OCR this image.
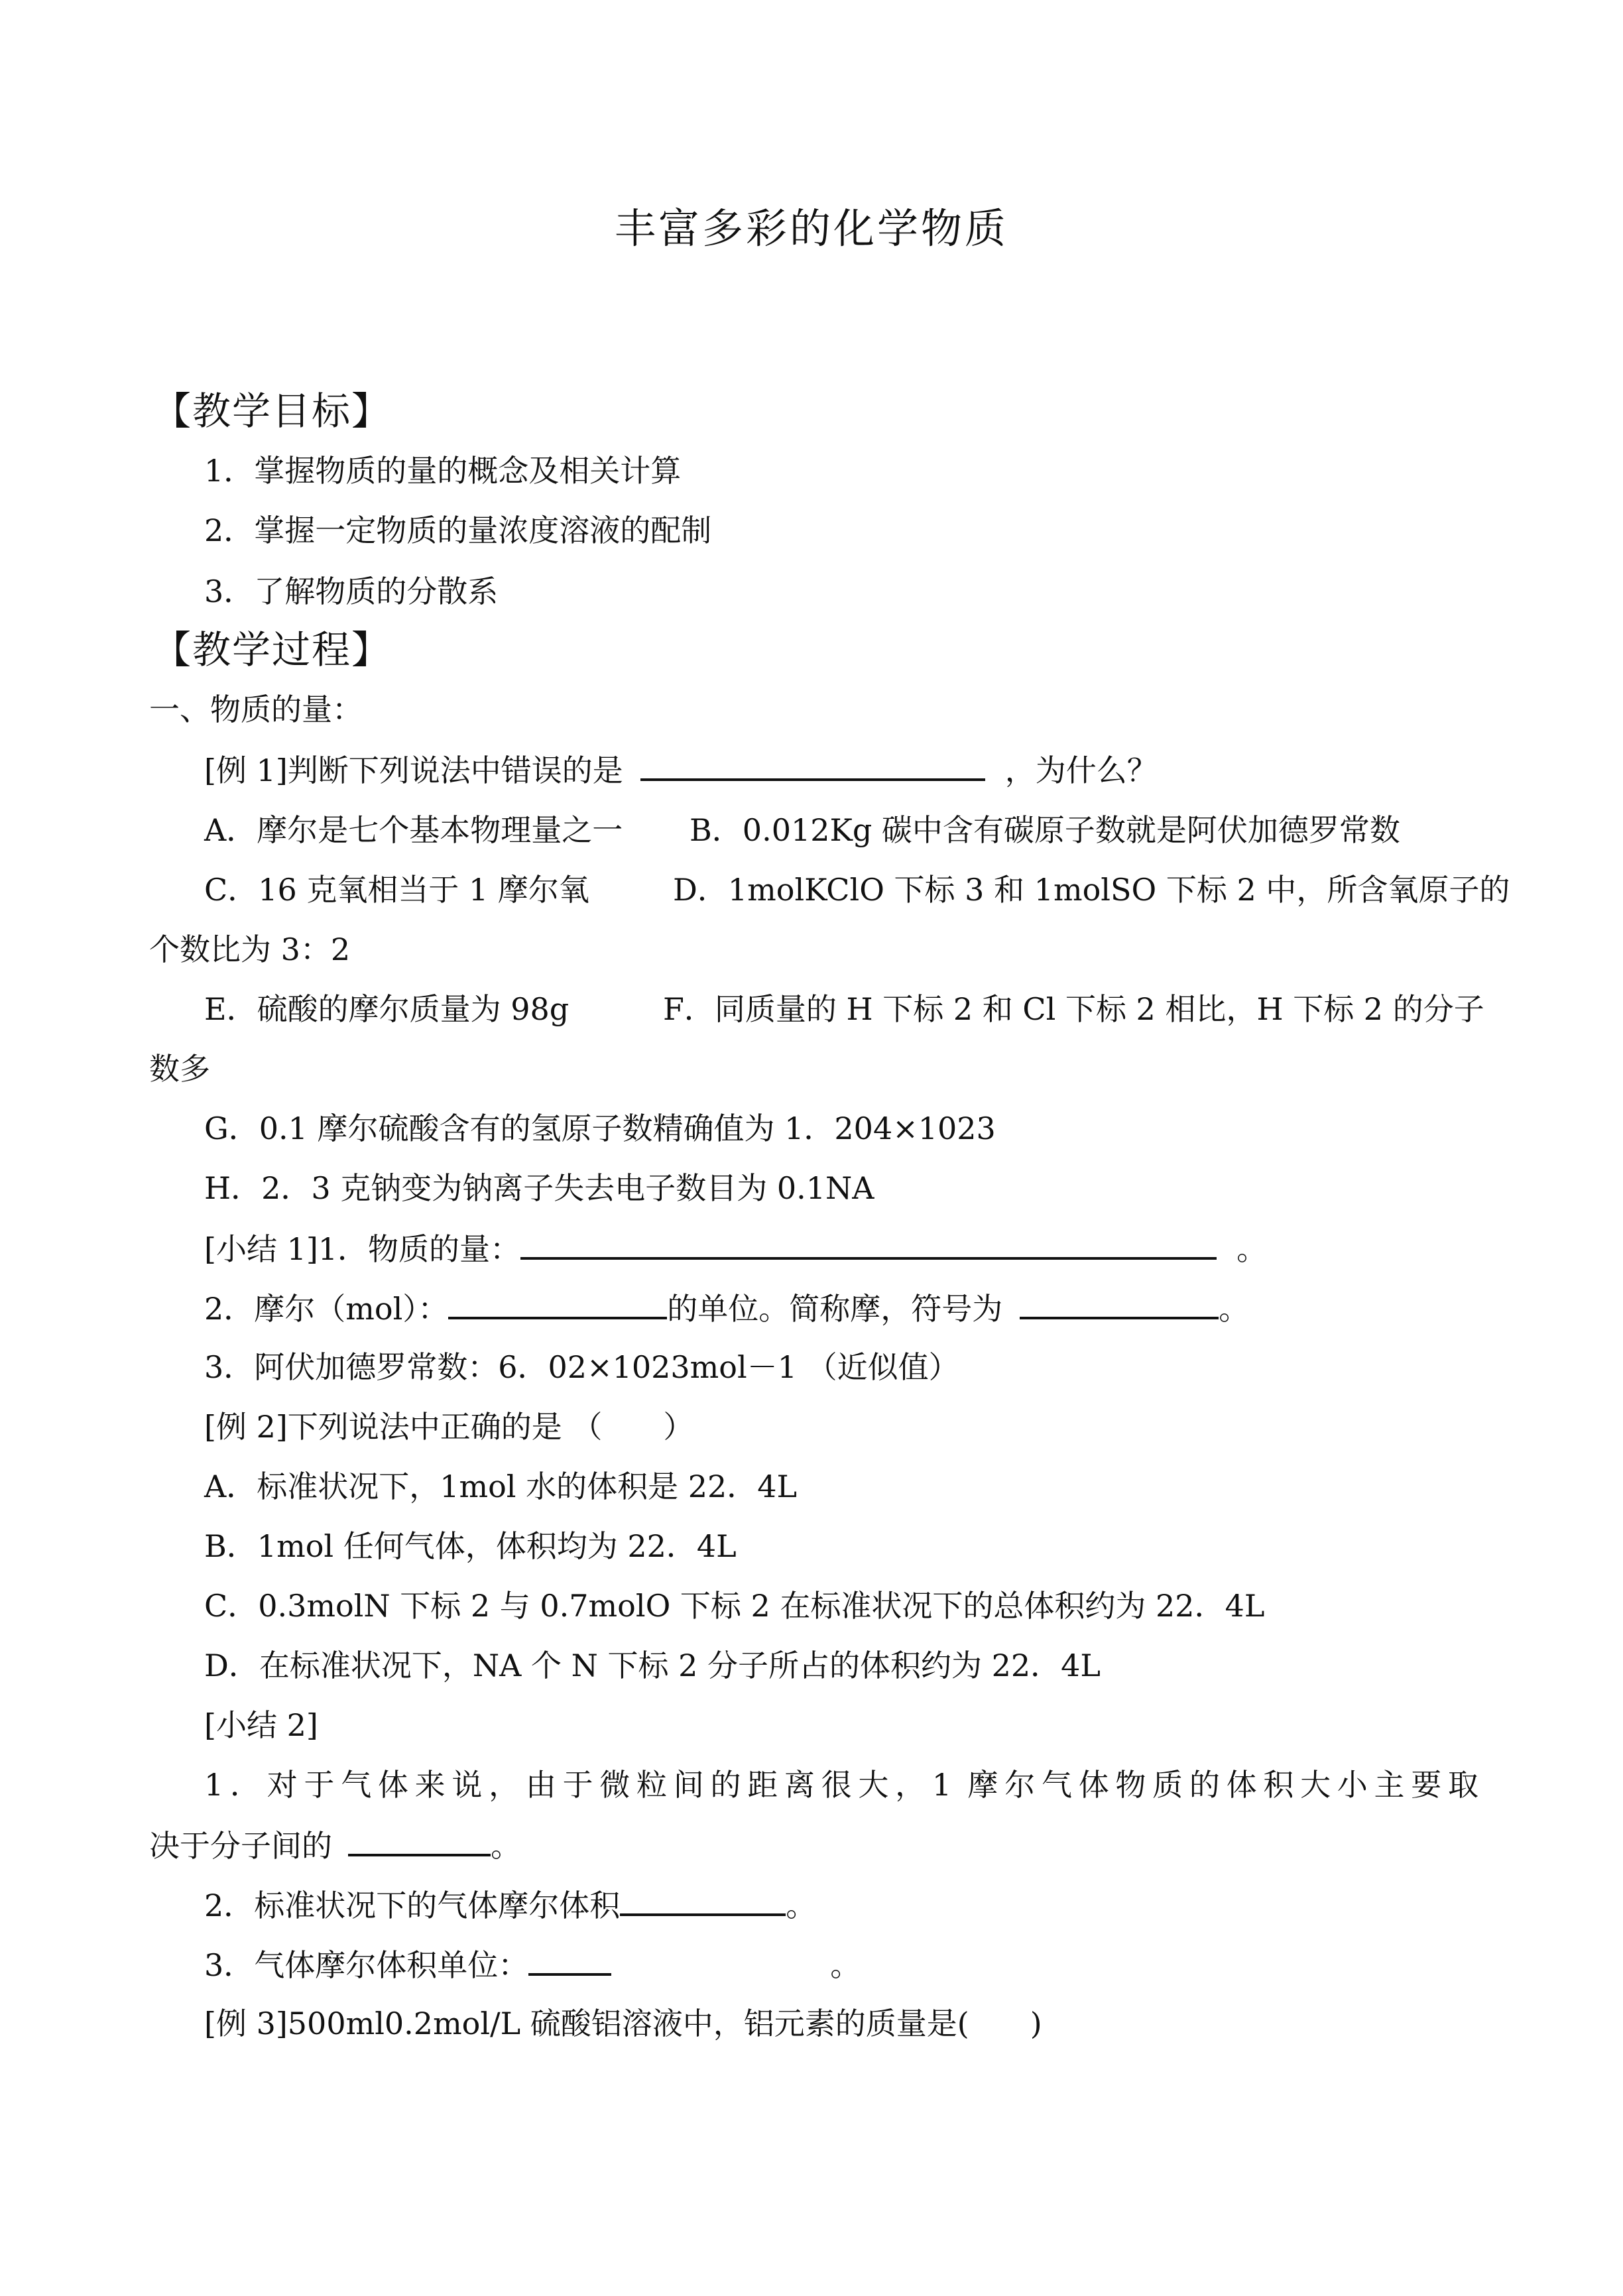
丰富多彩的化学物质
【教学目标】
1．掌握物质的量的概念及相关计算
2．掌握一定物质的量浓度溶液的配制
3．了解物质的分散系
【教学过程】
一、物质的量：
[例 1]判断下列说法中错误的是	，为什么？
A．摩尔是七个基本物理量之一 B．0.012Kg 碳中含有碳原子数就是阿伏加德罗常数
C．16 克氧相当于 1 摩尔氧	D．1molKClO 下标 3 和 1molSO 下标 2 中，所含氧原子的
个数比为 3：2
E．硫酸的摩尔质量为 98g	F．同质量的 H 下标 2 和 Cl 下标 2 相比，H 下标 2 的分子
数多
G．0.1 摩尔硫酸含有的氢原子数精确值为 1．204×1023
H．2．3 克钠变为钠离子失去电子数目为 0.1NA
[小结 1]1．物质的量：	。
2．摩尔（mol）：	的单位。简称摩，符号为	。
3．阿伏加德罗常数：6．02×1023mol－1 （近似值）
[例 2]下列说法中正确的是 （　　）
A．标准状况下，1mol 水的体积是 22．4L
B．1mol 任何气体，体积均为 22．4L
C．0.3molN 下标 2 与 0.7molO 下标 2 在标准状况下的总体积约为 22．4L
D．在标准状况下，NA 个 N 下标 2 分子所占的体积约为 22．4L
[小结 2]
1．对于气体来说，由于微粒间的距离很大，1 摩尔气体物质的体积大小主要取
决于分子间的	。
2．标准状况下的气体摩尔体积	。
3．气体摩尔体积单位：	。
[例 3]500ml0.2mol/L 硫酸铝溶液中，铝元素的质量是(　　)
